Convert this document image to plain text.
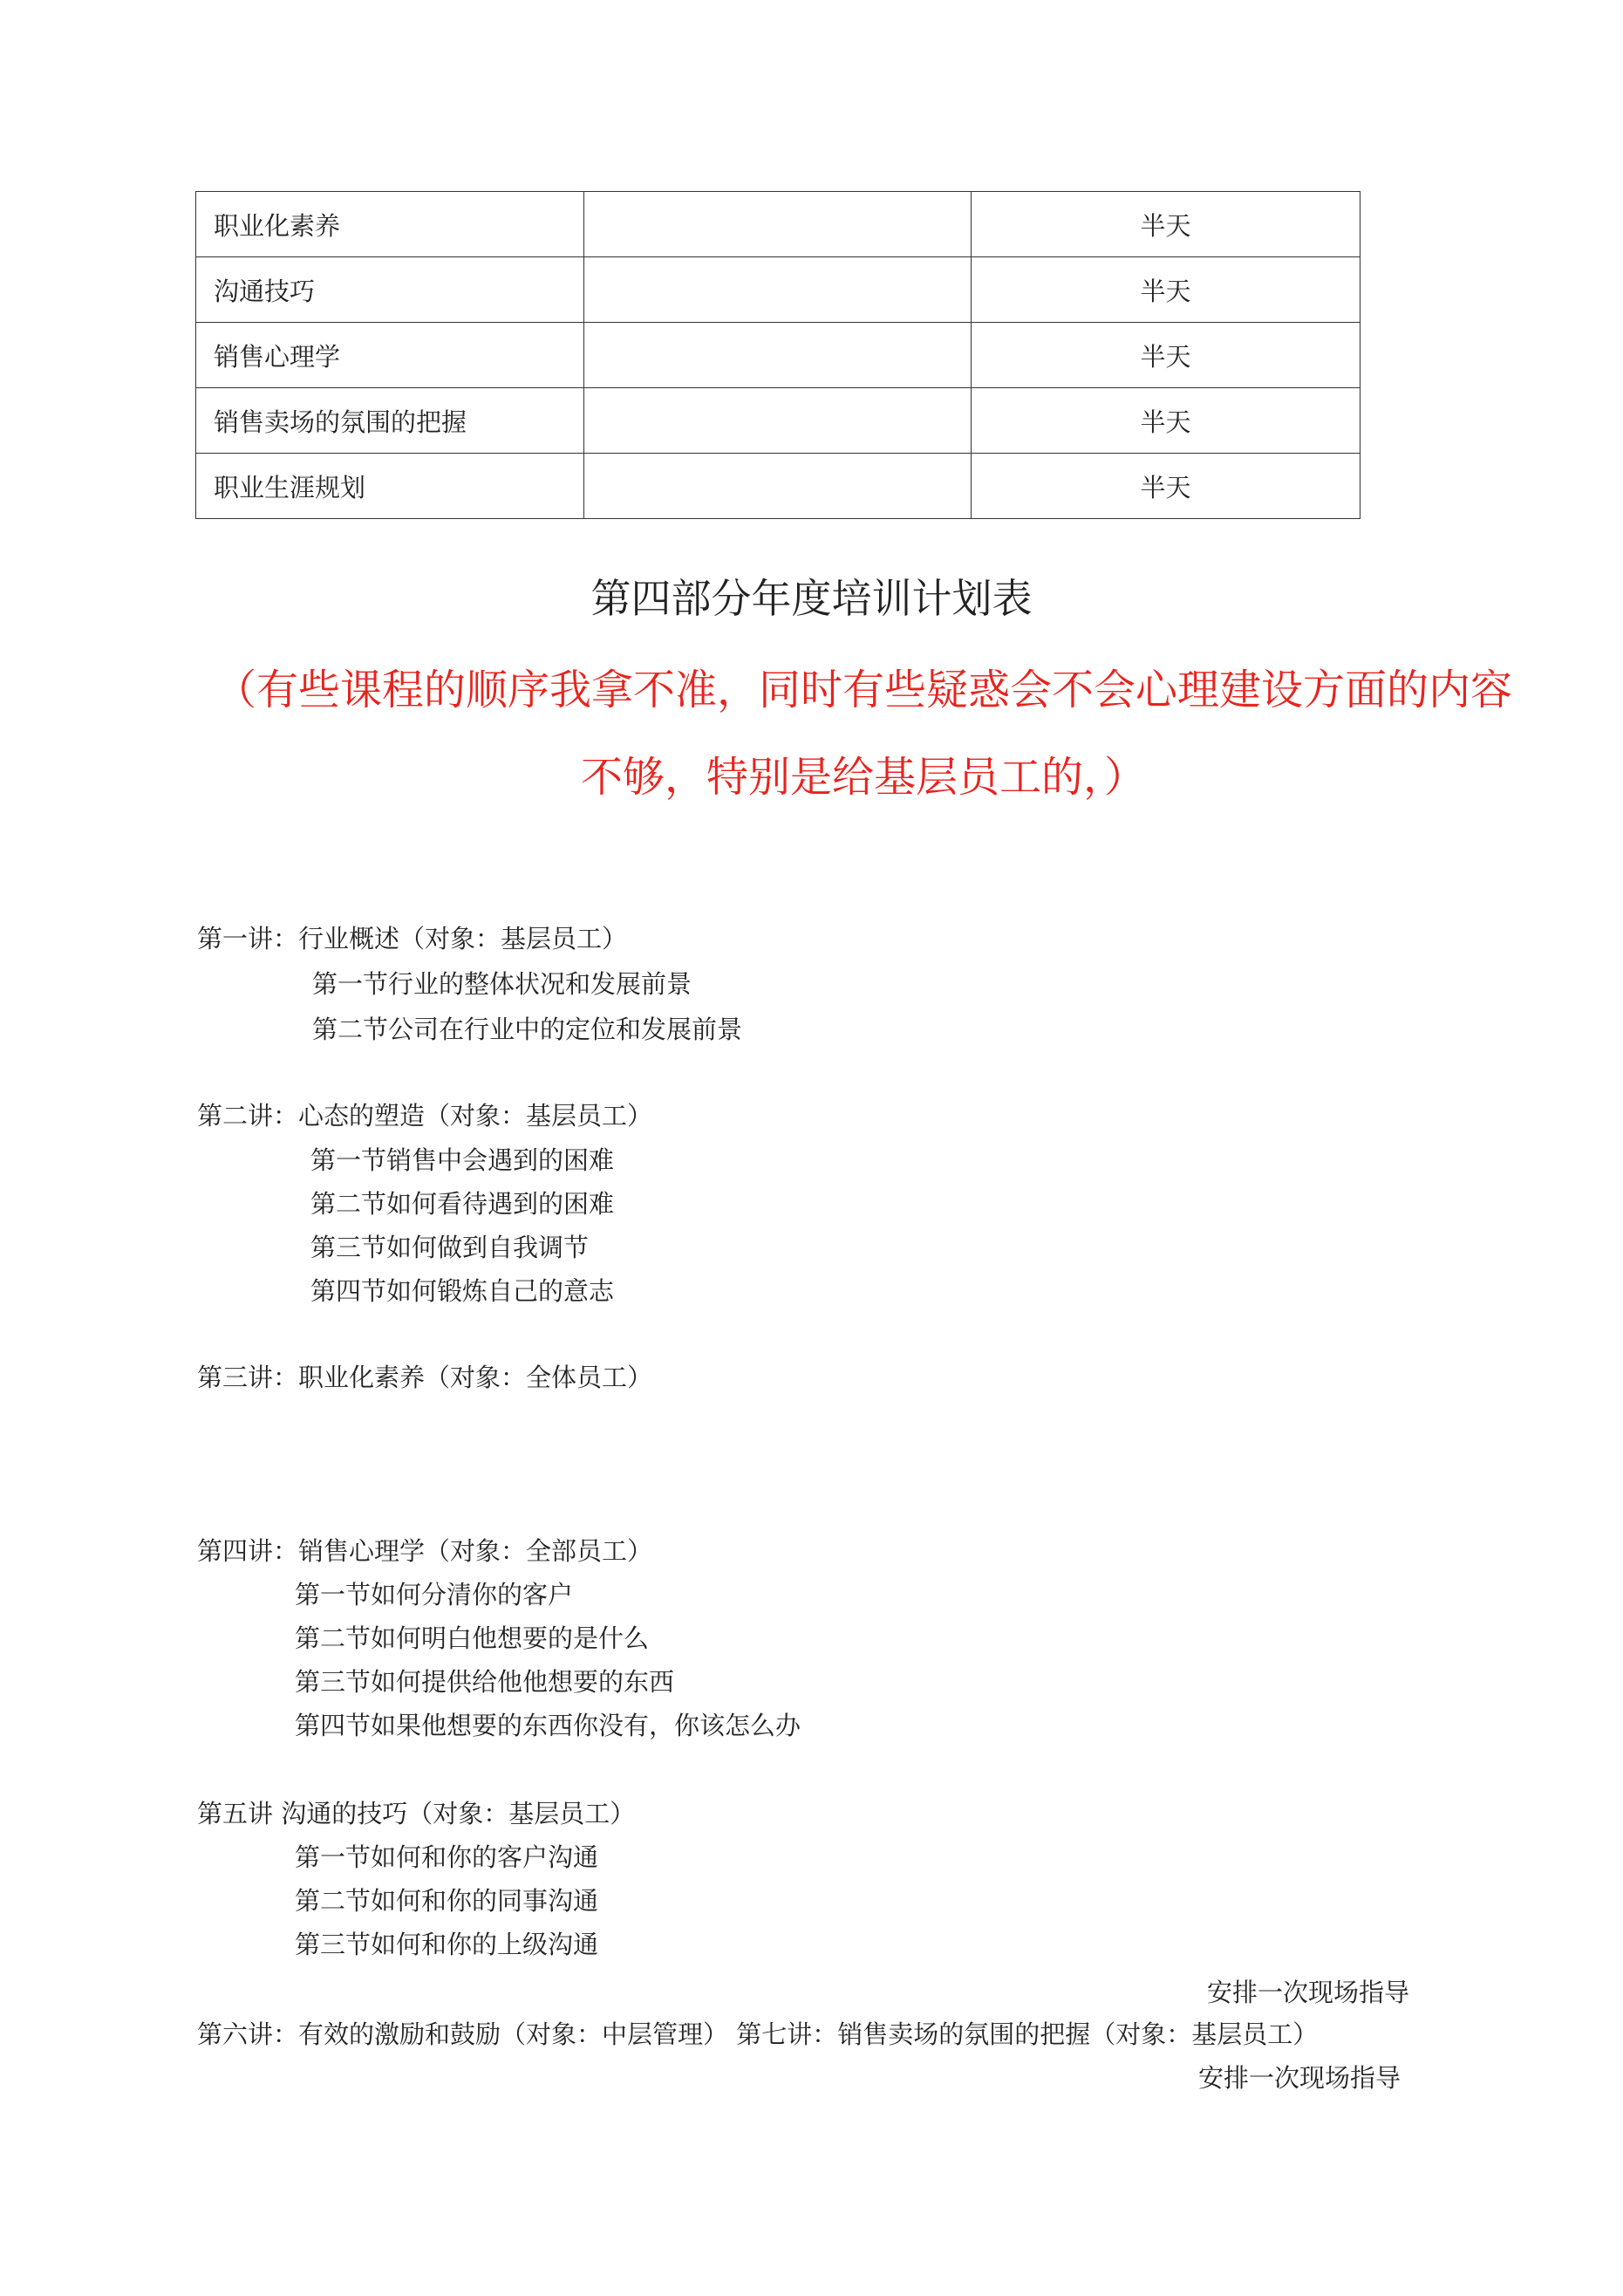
职业化素养		半天
沟通技巧		半天
销售心理学		半天
销售卖场的氛围的把握		半天
职业生涯规划		半天
第四部分年度培训计划表
（有些课程的顺序我拿不准，同时有些疑惑会不会心理建设方面的内容
不够，特别是给基层员工的，）
第一讲：行业概述（对象：基层员工）
第一节行业的整体状况和发展前景
第二节公司在行业中的定位和发展前景
第二讲：心态的塑造（对象：基层员工）
第一节销售中会遇到的困难
第二节如何看待遇到的困难
第三节如何做到自我调节
第四节如何锻炼自己的意志
第三讲：职业化素养（对象：全体员工）
第四讲：销售心理学（对象：全部员工）
第一节如何分清你的客户
第二节如何明白他想要的是什么
第三节如何提供给他他想要的东西
第四节如果他想要的东西你没有，你该怎么办
第五讲 沟通的技巧（对象：基层员工）
第一节如何和你的客户沟通
第二节如何和你的同事沟通
第三节如何和你的上级沟通
安排一次现场指导
第六讲：有效的激励和鼓励（对象：中层管理） 第七讲：销售卖场的氛围的把握（对象：基层员工）
安排一次现场指导
